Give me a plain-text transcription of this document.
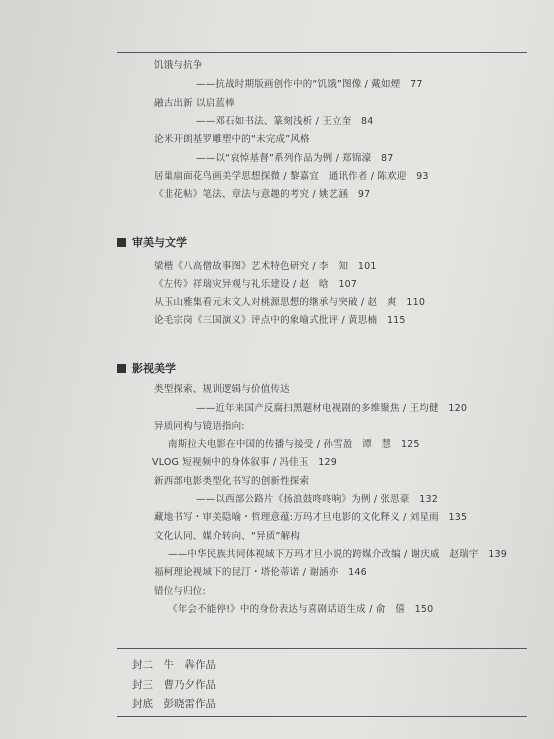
饥饿与抗争
——抗战时期版画创作中的“饥饿”图像 / 戴如煙　77
融古出新 以启蓝棒
——邓石如书法、篆刻浅析 / 王立奎　84
论米开朗基罗雕塑中的“未完成”风格
——以“哀悼基督”系列作品为例 / 郑锦濠　87
居巢扇面花鸟画美学思想探微 / 黎嘉宜　通讯作者 / 陈欢迎　93
《韭花帖》笔法、章法与意趣的考究 / 姚艺涵　97
审美与文学
梁楷《八高僧故事图》艺术特色研究 / 李　知　101
《左传》祥瑞灾异观与礼乐建设 / 赵　晗　107
从玉山雅集看元末文人对桃源思想的继承与突破 / 赵　爽　110
论毛宗岗《三国演义》评点中的象喻式批评 / 黄思楠　115
影视美学
类型探索、规训逻辑与价值传达
——近年来国产反腐扫黑题材电视剧的多维聚焦 / 王均健　120
异质同构与镜语指向:
南斯拉夫电影在中国的传播与接受 / 孙雪盈　谭　慧　125
VLOG 短视频中的身体叙事 / 冯佳玉　129
新西部电影类型化书写的创新性探索
——以西部公路片《扬浪鼓咚咚响》为例 / 张思豪　132
藏地书写・审美隐喻・哲理意蕴:万玛才旦电影的文化释义 / 刘星雨　135
文化认同、媒介转向、“异质”解构
——中华民族共同体视域下万玛才旦小说的跨媒介改编 / 谢庆威　赵瑞宇　139
福柯理论视域下的昆汀・塔伦蒂诺 / 谢涵亦　146
错位与归位:
《年会不能停!》中的身份表达与喜剧话语生成 / 俞　僖　150
封二　牛　犇作品
封三　曹乃夕作品
封底　彭晓雷作品
